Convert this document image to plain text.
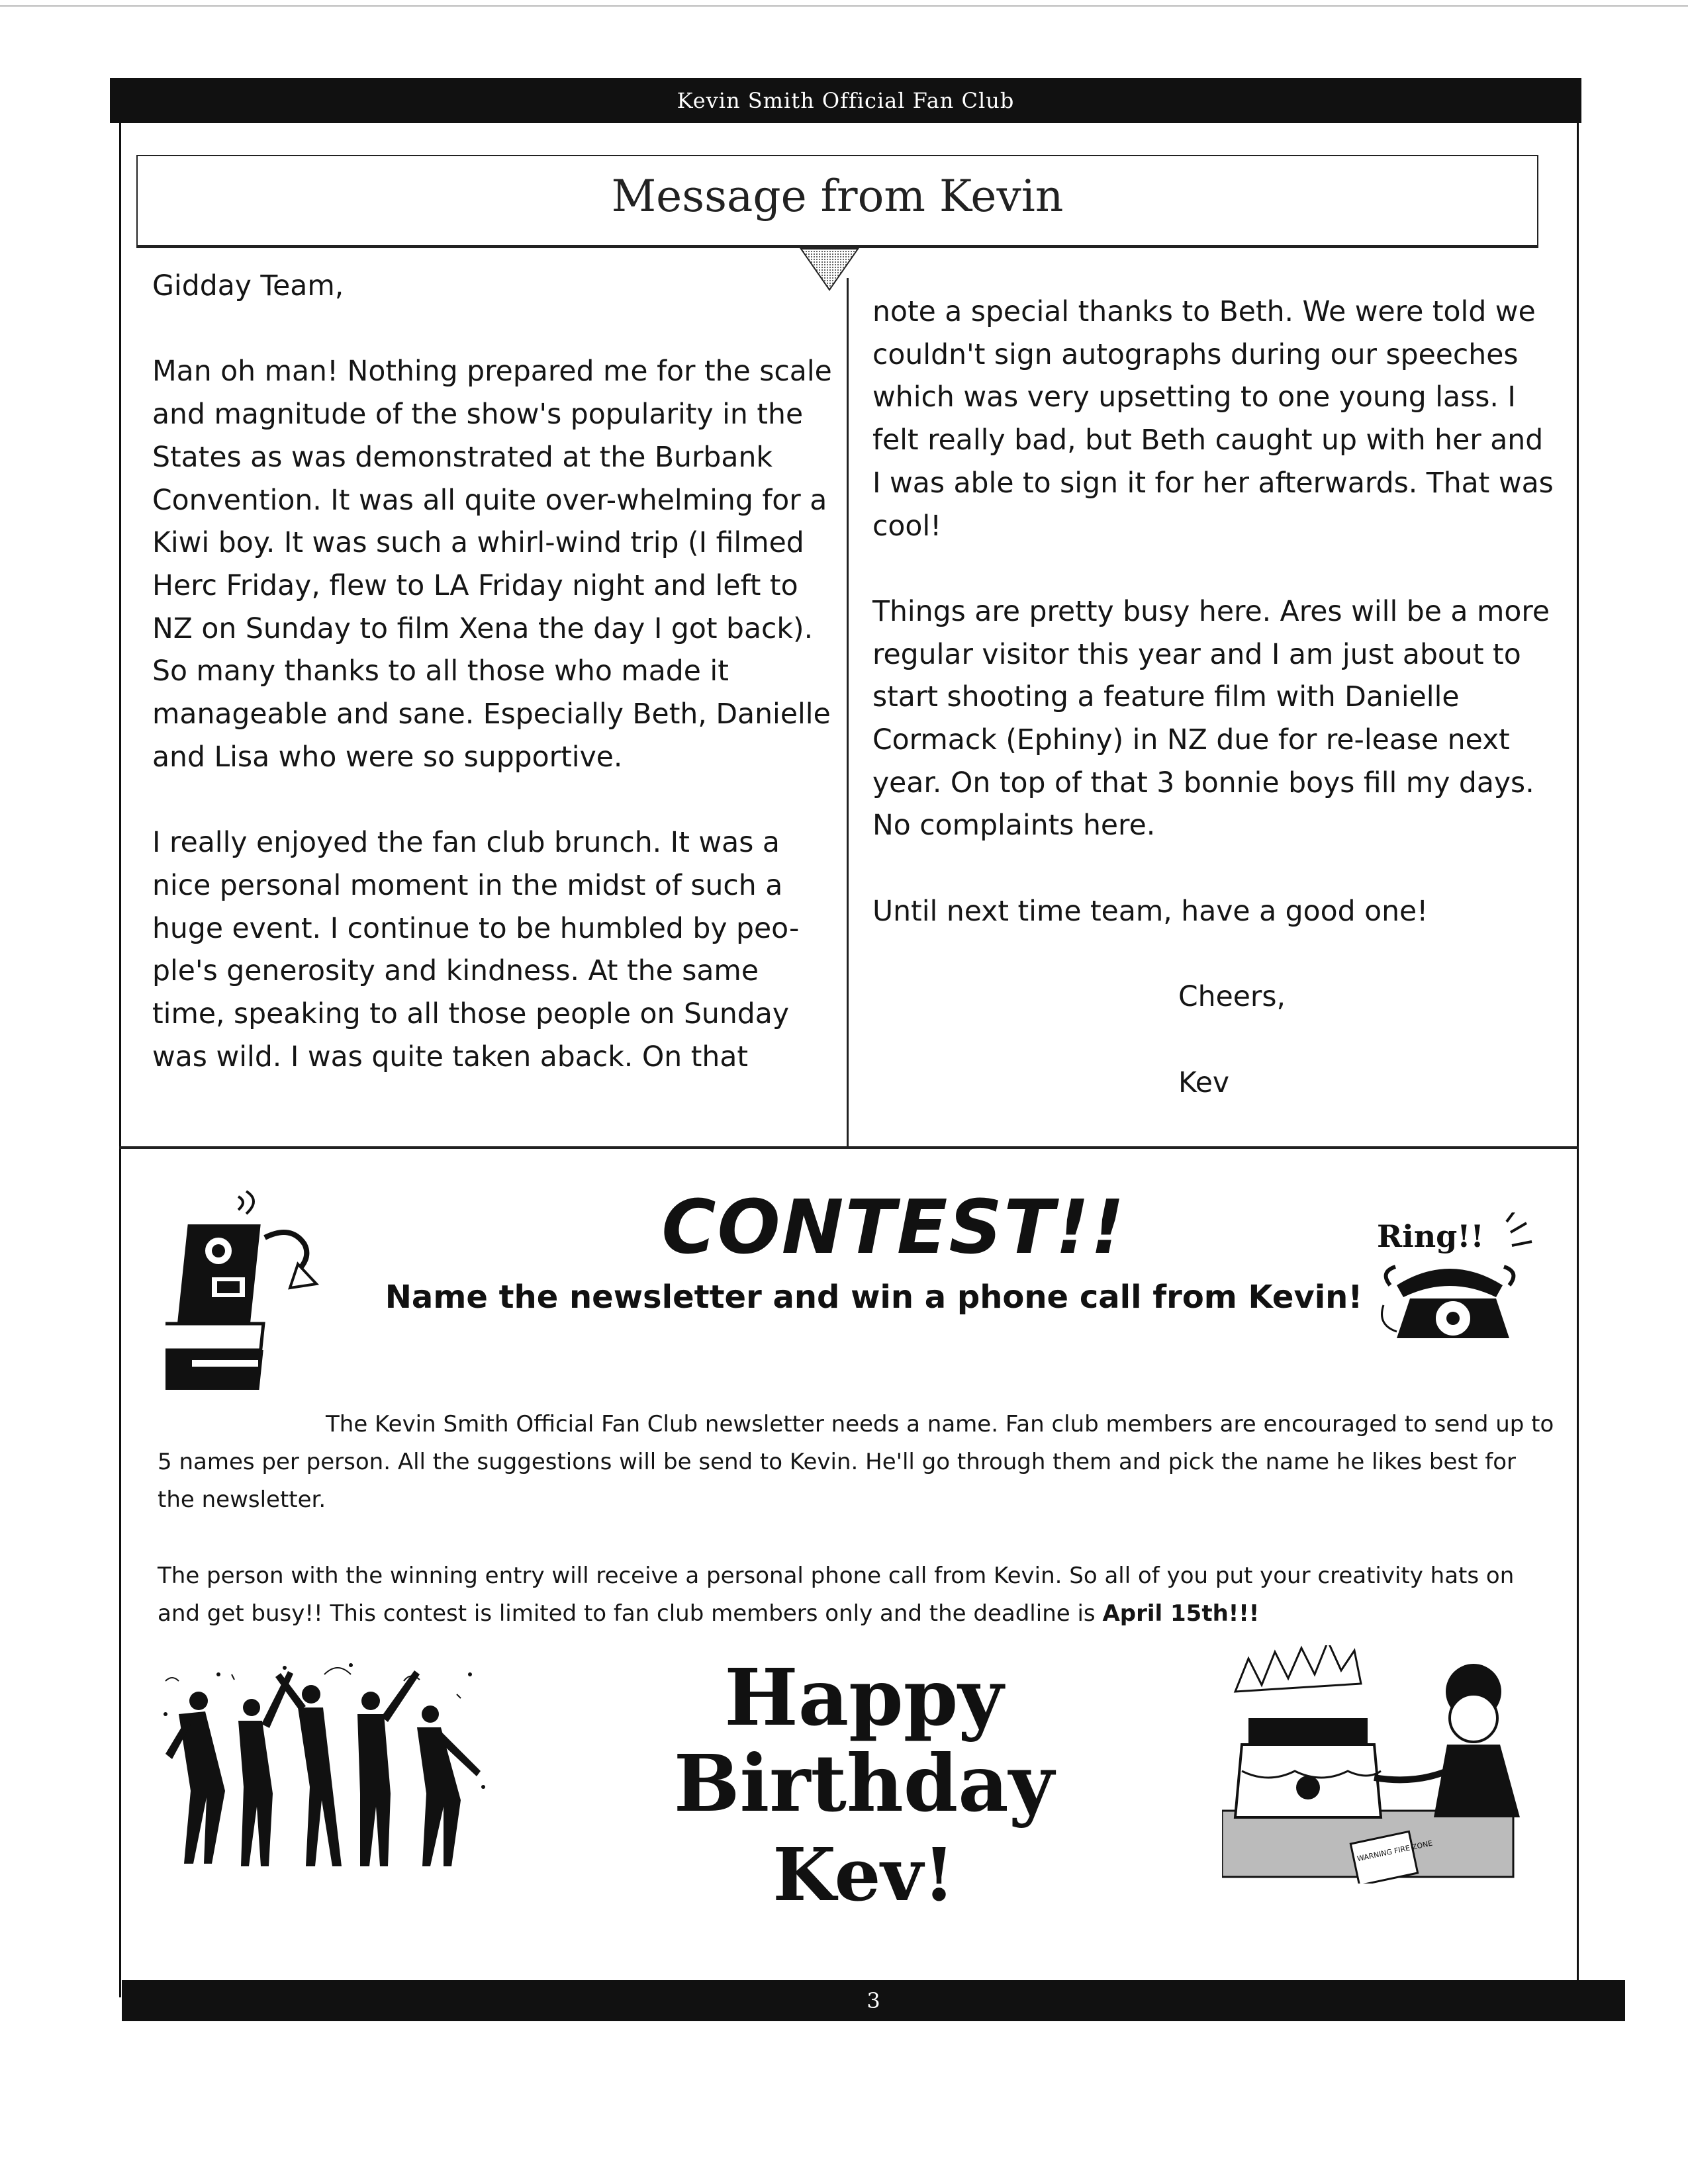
Kevin Smith Official Fan Club
Message from Kevin

Gidday Team,

Man oh man! Nothing prepared me for the scale and magnitude of the show's popularity in the States as was demonstrated at the Burbank Convention. It was all quite over-whelming for a Kiwi boy. It was such a whirl-wind trip (I filmed Herc Friday, flew to LA Friday night and left to NZ on Sunday to film Xena the day I got back). So many thanks to all those who made it manageable and sane. Especially Beth, Danielle and Lisa who were so supportive.

I really enjoyed the fan club brunch. It was a nice personal moment in the midst of such a huge event. I continue to be humbled by peo-ple's generosity and kindness. At the same time, speaking to all those people on Sunday was wild. I was quite taken aback. On that

note a special thanks to Beth. We were told we couldn't sign autographs during our speeches which was very upsetting to one young lass. I felt really bad, but Beth caught up with her and I was able to sign it for her afterwards. That was cool!

Things are pretty busy here. Ares will be a more regular visitor this year and I am just about to start shooting a feature film with Danielle Cormack (Ephiny) in NZ due for re-lease next year. On top of that 3 bonnie boys fill my days. No complaints here.

Until next time team, have a good one!

Cheers,

Kev

CONTEST!!
Name the newsletter and win a phone call from Kevin!
Ring!!
The Kevin Smith Official Fan Club newsletter needs a name. Fan club members are encouraged to send up to 5 names per person. All the suggestions will be send to Kevin. He'll go through them and pick the name he likes best for the newsletter.
The person with the winning entry will receive a personal phone call from Kevin. So all of you put your creativity hats on and get busy!! This contest is limited to fan club members only and the deadline is April 15th!!!
Happy Birthday
Kev!	WARNING FIRE ZONE
3
